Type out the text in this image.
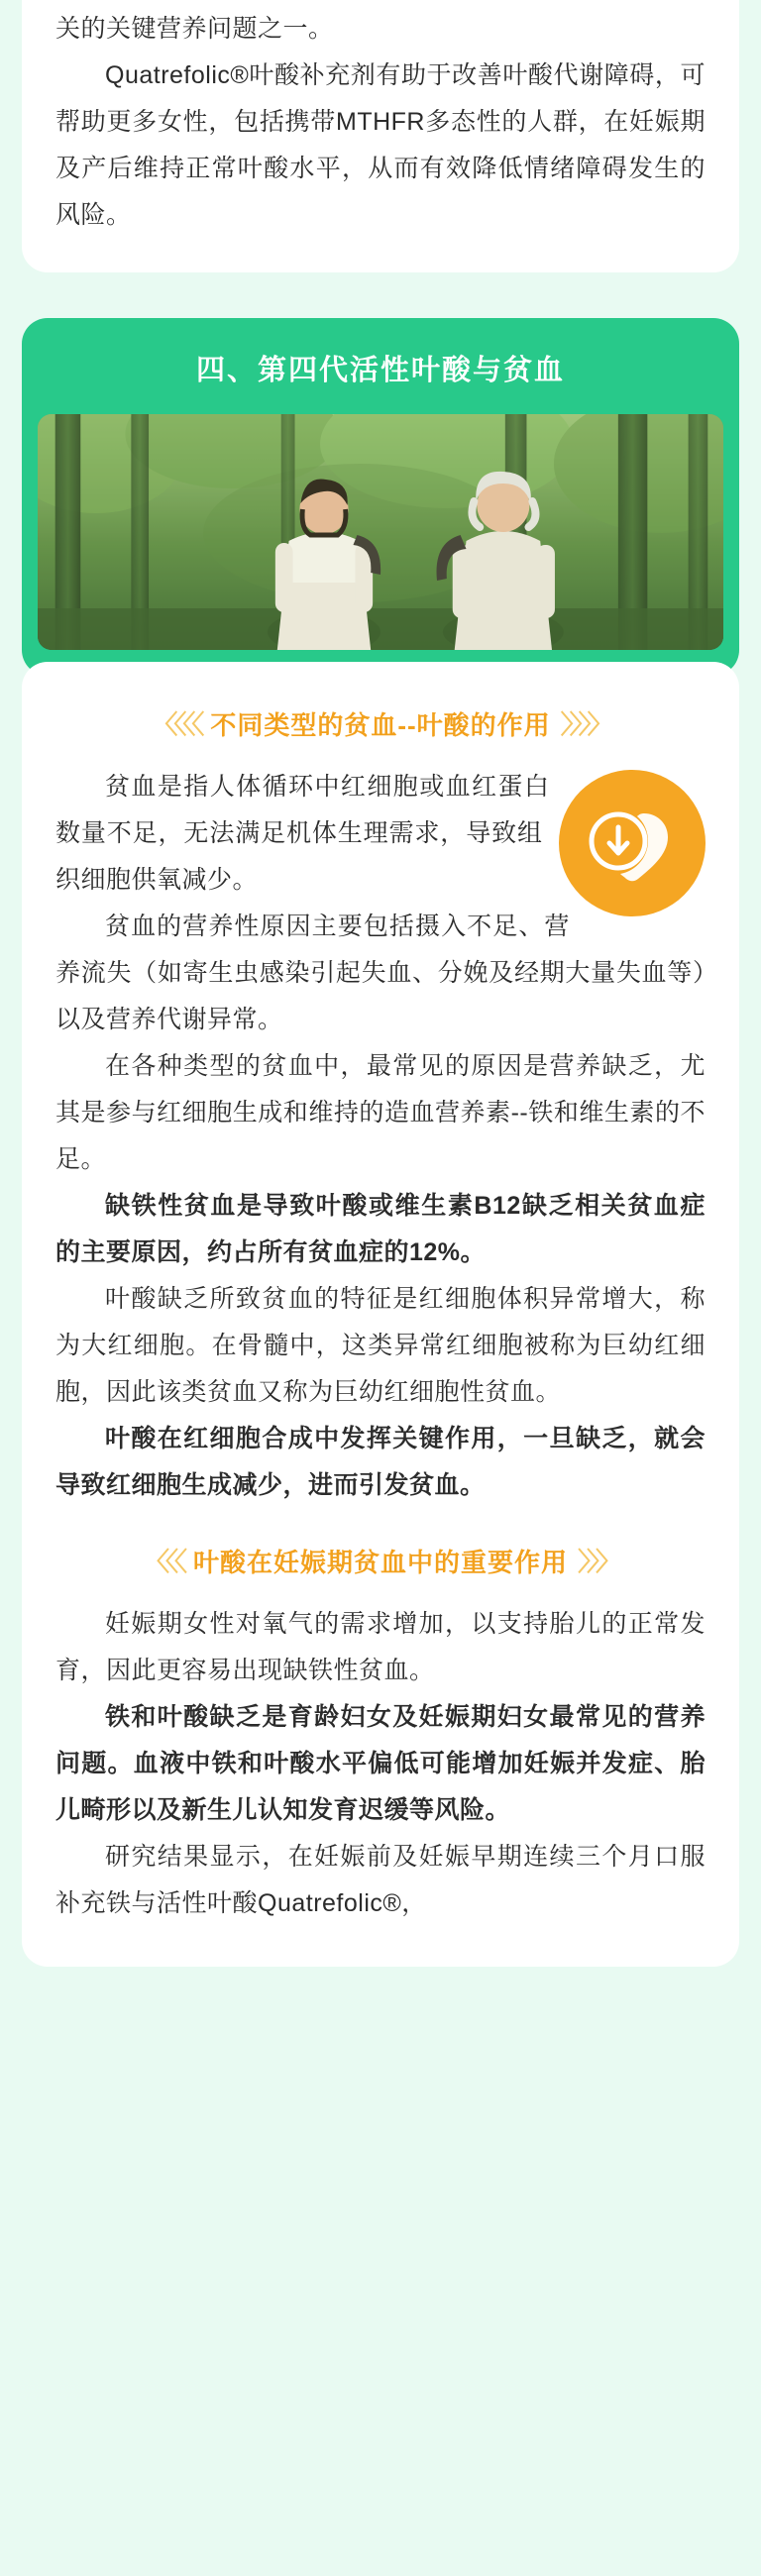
关的关键营养问题之一。

Quatrefolic®叶酸补充剂有助于改善叶酸代谢障碍，可帮助更多女性，包括携带MTHFR多态性的人群，在妊娠期及产后维持正常叶酸水平，从而有效降低情绪障碍发生的风险。

四、第四代活性叶酸与贫血
〈〈〈〈 不同类型的贫血--叶酸的作用 〉〉〉〉

贫血是指人体循环中红细胞或血红蛋白数量不足，无法满足机体生理需求，导致组织细胞供氧减少。

贫血的营养性原因主要包括摄入不足、营养流失（如寄生虫感染引起失血、分娩及经期大量失血等）以及营养代谢异常。

在各种类型的贫血中，最常见的原因是营养缺乏，尤其是参与红细胞生成和维持的造血营养素--铁和维生素的不足。

缺铁性贫血是导致叶酸或维生素B12缺乏相关贫血症的主要原因，约占所有贫血症的12%。

叶酸缺乏所致贫血的特征是红细胞体积异常增大，称为大红细胞。在骨髓中，这类异常红细胞被称为巨幼红细胞，因此该类贫血又称为巨幼红细胞性贫血。

叶酸在红细胞合成中发挥关键作用，一旦缺乏，就会导致红细胞生成减少，进而引发贫血。

〈〈〈 叶酸在妊娠期贫血中的重要作用 〉〉〉

妊娠期女性对氧气的需求增加，以支持胎儿的正常发育，因此更容易出现缺铁性贫血。

铁和叶酸缺乏是育龄妇女及妊娠期妇女最常见的营养问题。血液中铁和叶酸水平偏低可能增加妊娠并发症、胎儿畸形以及新生儿认知发育迟缓等风险。

研究结果显示，在妊娠前及妊娠早期连续三个月口服补充铁与活性叶酸Quatrefolic®，
